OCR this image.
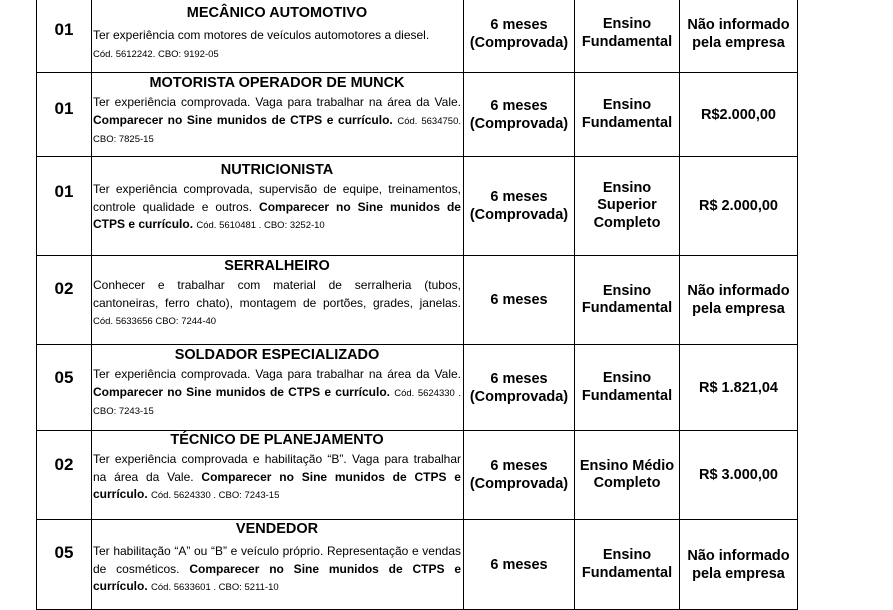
01	MECÂNICO AUTOMOTIVO
Ter experiência com motores de veículos automotores a diesel.
Cód. 5612242. CBO: 9192-05	6 meses (Comprovada)	Ensino Fundamental	Não informado pela empresa
01	MOTORISTA OPERADOR DE MUNCK
Ter experiência comprovada. Vaga para trabalhar na área da Vale. Comparecer no Sine munidos de CTPS e currículo. Cód. 5634750. CBO: 7825-15	6 meses (Comprovada)	Ensino Fundamental	R$2.000,00
01	NUTRICIONISTA
Ter experiência comprovada, supervisão de equipe, treinamentos, controle qualidade e outros. Comparecer no Sine munidos de CTPS e currículo. Cód. 5610481 . CBO: 3252-10	6 meses (Comprovada)	Ensino Superior Completo	R$ 2.000,00
02	SERRALHEIRO
Conhecer e trabalhar com material de serralheria (tubos, cantoneiras, ferro chato), montagem de portões, grades, janelas. Cód. 5633656 CBO: 7244-40	6 meses	Ensino Fundamental	Não informado pela empresa
05	SOLDADOR ESPECIALIZADO
Ter experiência comprovada. Vaga para trabalhar na área da Vale. Comparecer no Sine munidos de CTPS e currículo. Cód. 5624330 . CBO: 7243-15	6 meses (Comprovada)	Ensino Fundamental	R$ 1.821,04
02	TÉCNICO DE PLANEJAMENTO
Ter experiência comprovada e habilitação “B”. Vaga para trabalhar na área da Vale. Comparecer no Sine munidos de CTPS e currículo. Cód. 5624330 . CBO: 7243-15	6 meses (Comprovada)	Ensino Médio Completo	R$ 3.000,00
05	VENDEDOR
Ter habilitação “A” ou “B” e veículo próprio. Representação e vendas de cosméticos. Comparecer no Sine munidos de CTPS e currículo. Cód. 5633601 . CBO: 5211-10	6 meses	Ensino Fundamental	Não informado pela empresa
